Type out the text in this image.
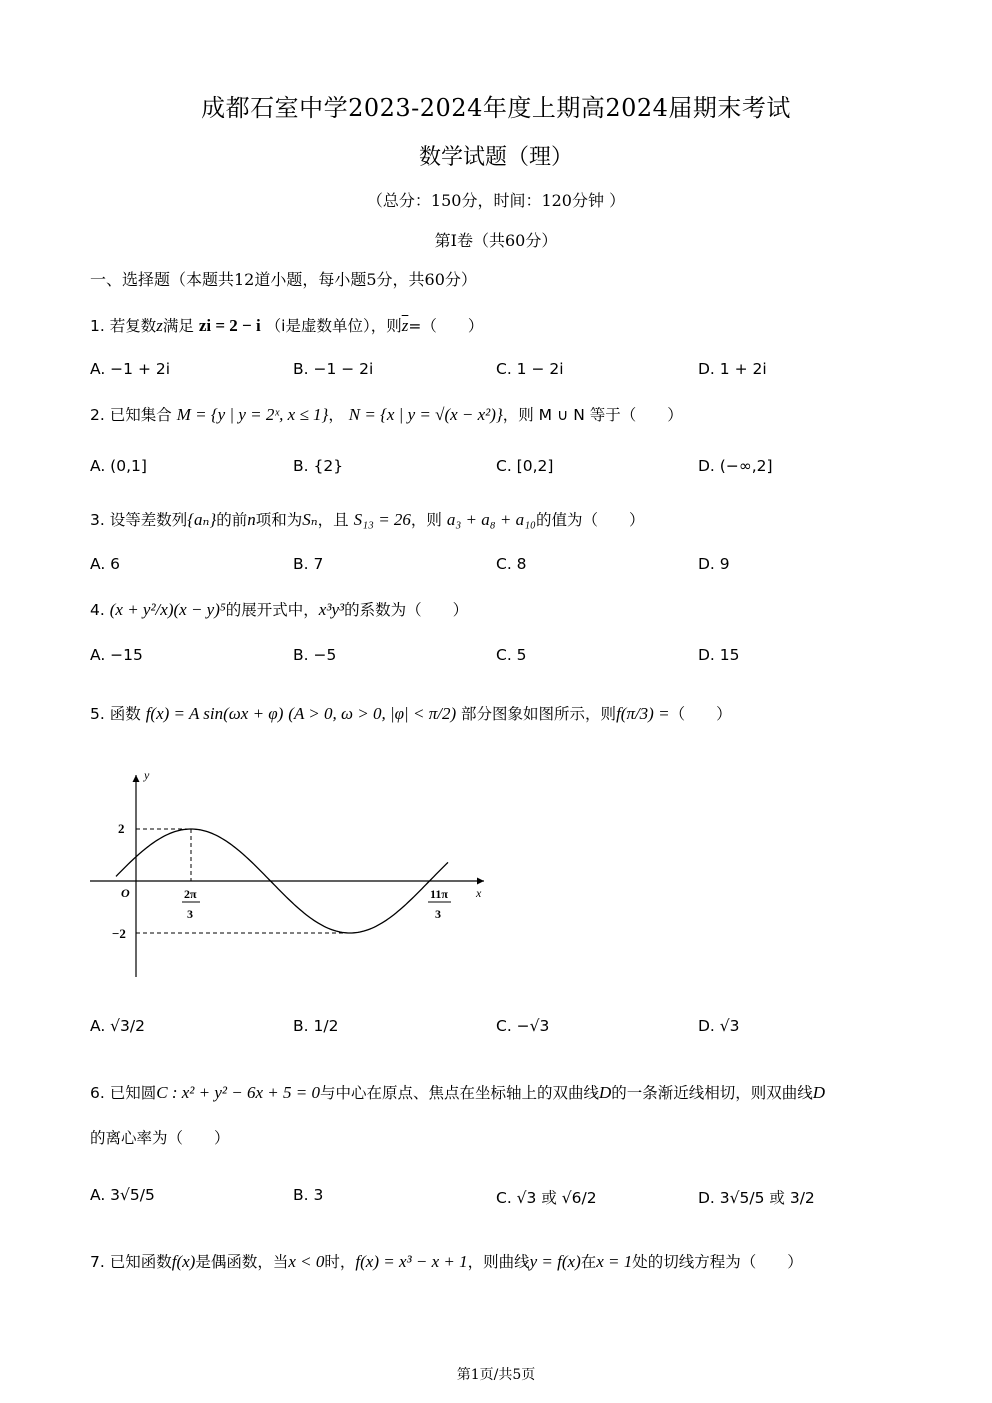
成都石室中学2023-2024年度上期高2024届期末考试
数学试题（理）
（总分：150分，时间：120分钟 ）
第Ⅰ卷（共60分）
一、选择题（本题共12道小题，每小题5分，共60分）
1. 若复数z满足 zi = 2 − i （i是虚数单位），则$\overline{z}=$（　　）
A. −1 + 2i	B. −1 − 2i	C. 1 − 2i	D. 1 + 2i
2. 已知集合 M = {y | y = 2ˣ, x ≤ 1}， N = {x | y = √(x − x²)}，则 M ∪ N 等于（　　）
A. (0,1]	B. {2}	C. [0,2]	D. (−∞,2]
3. 设等差数列{aₙ}的前n项和为Sₙ，且 S₁₃ = 26，则 a₃ + a₈ + a₁₀的值为（　　）
A. 6	B. 7	C. 8	D. 9
4. (x + y²/x)(x − y)⁵的展开式中，x³y³的系数为（　　）
A. −15	B. −5	C. 5	D. 15
5. 函数 f(x) = A sin(ωx + φ) (A > 0, ω > 0, |φ| < π/2) 部分图象如图所示，则f(π/3) =（　　）
y
x
O
2
−2
2π
3
11π
3
A. √3/2	B. 1/2	C. −√3	D. √3
6. 已知圆C : x² + y² − 6x + 5 = 0与中心在原点、焦点在坐标轴上的双曲线D的一条渐近线相切，则双曲线D
的离心率为（　　）
A. 3√5/5	B. 3	C. √3 或 √6/2	D. 3√5/5 或 3/2
7. 已知函数f(x)是偶函数，当x < 0时，f(x) = x³ − x + 1，则曲线y = f(x)在x = 1处的切线方程为（　　）
第1页/共5页
